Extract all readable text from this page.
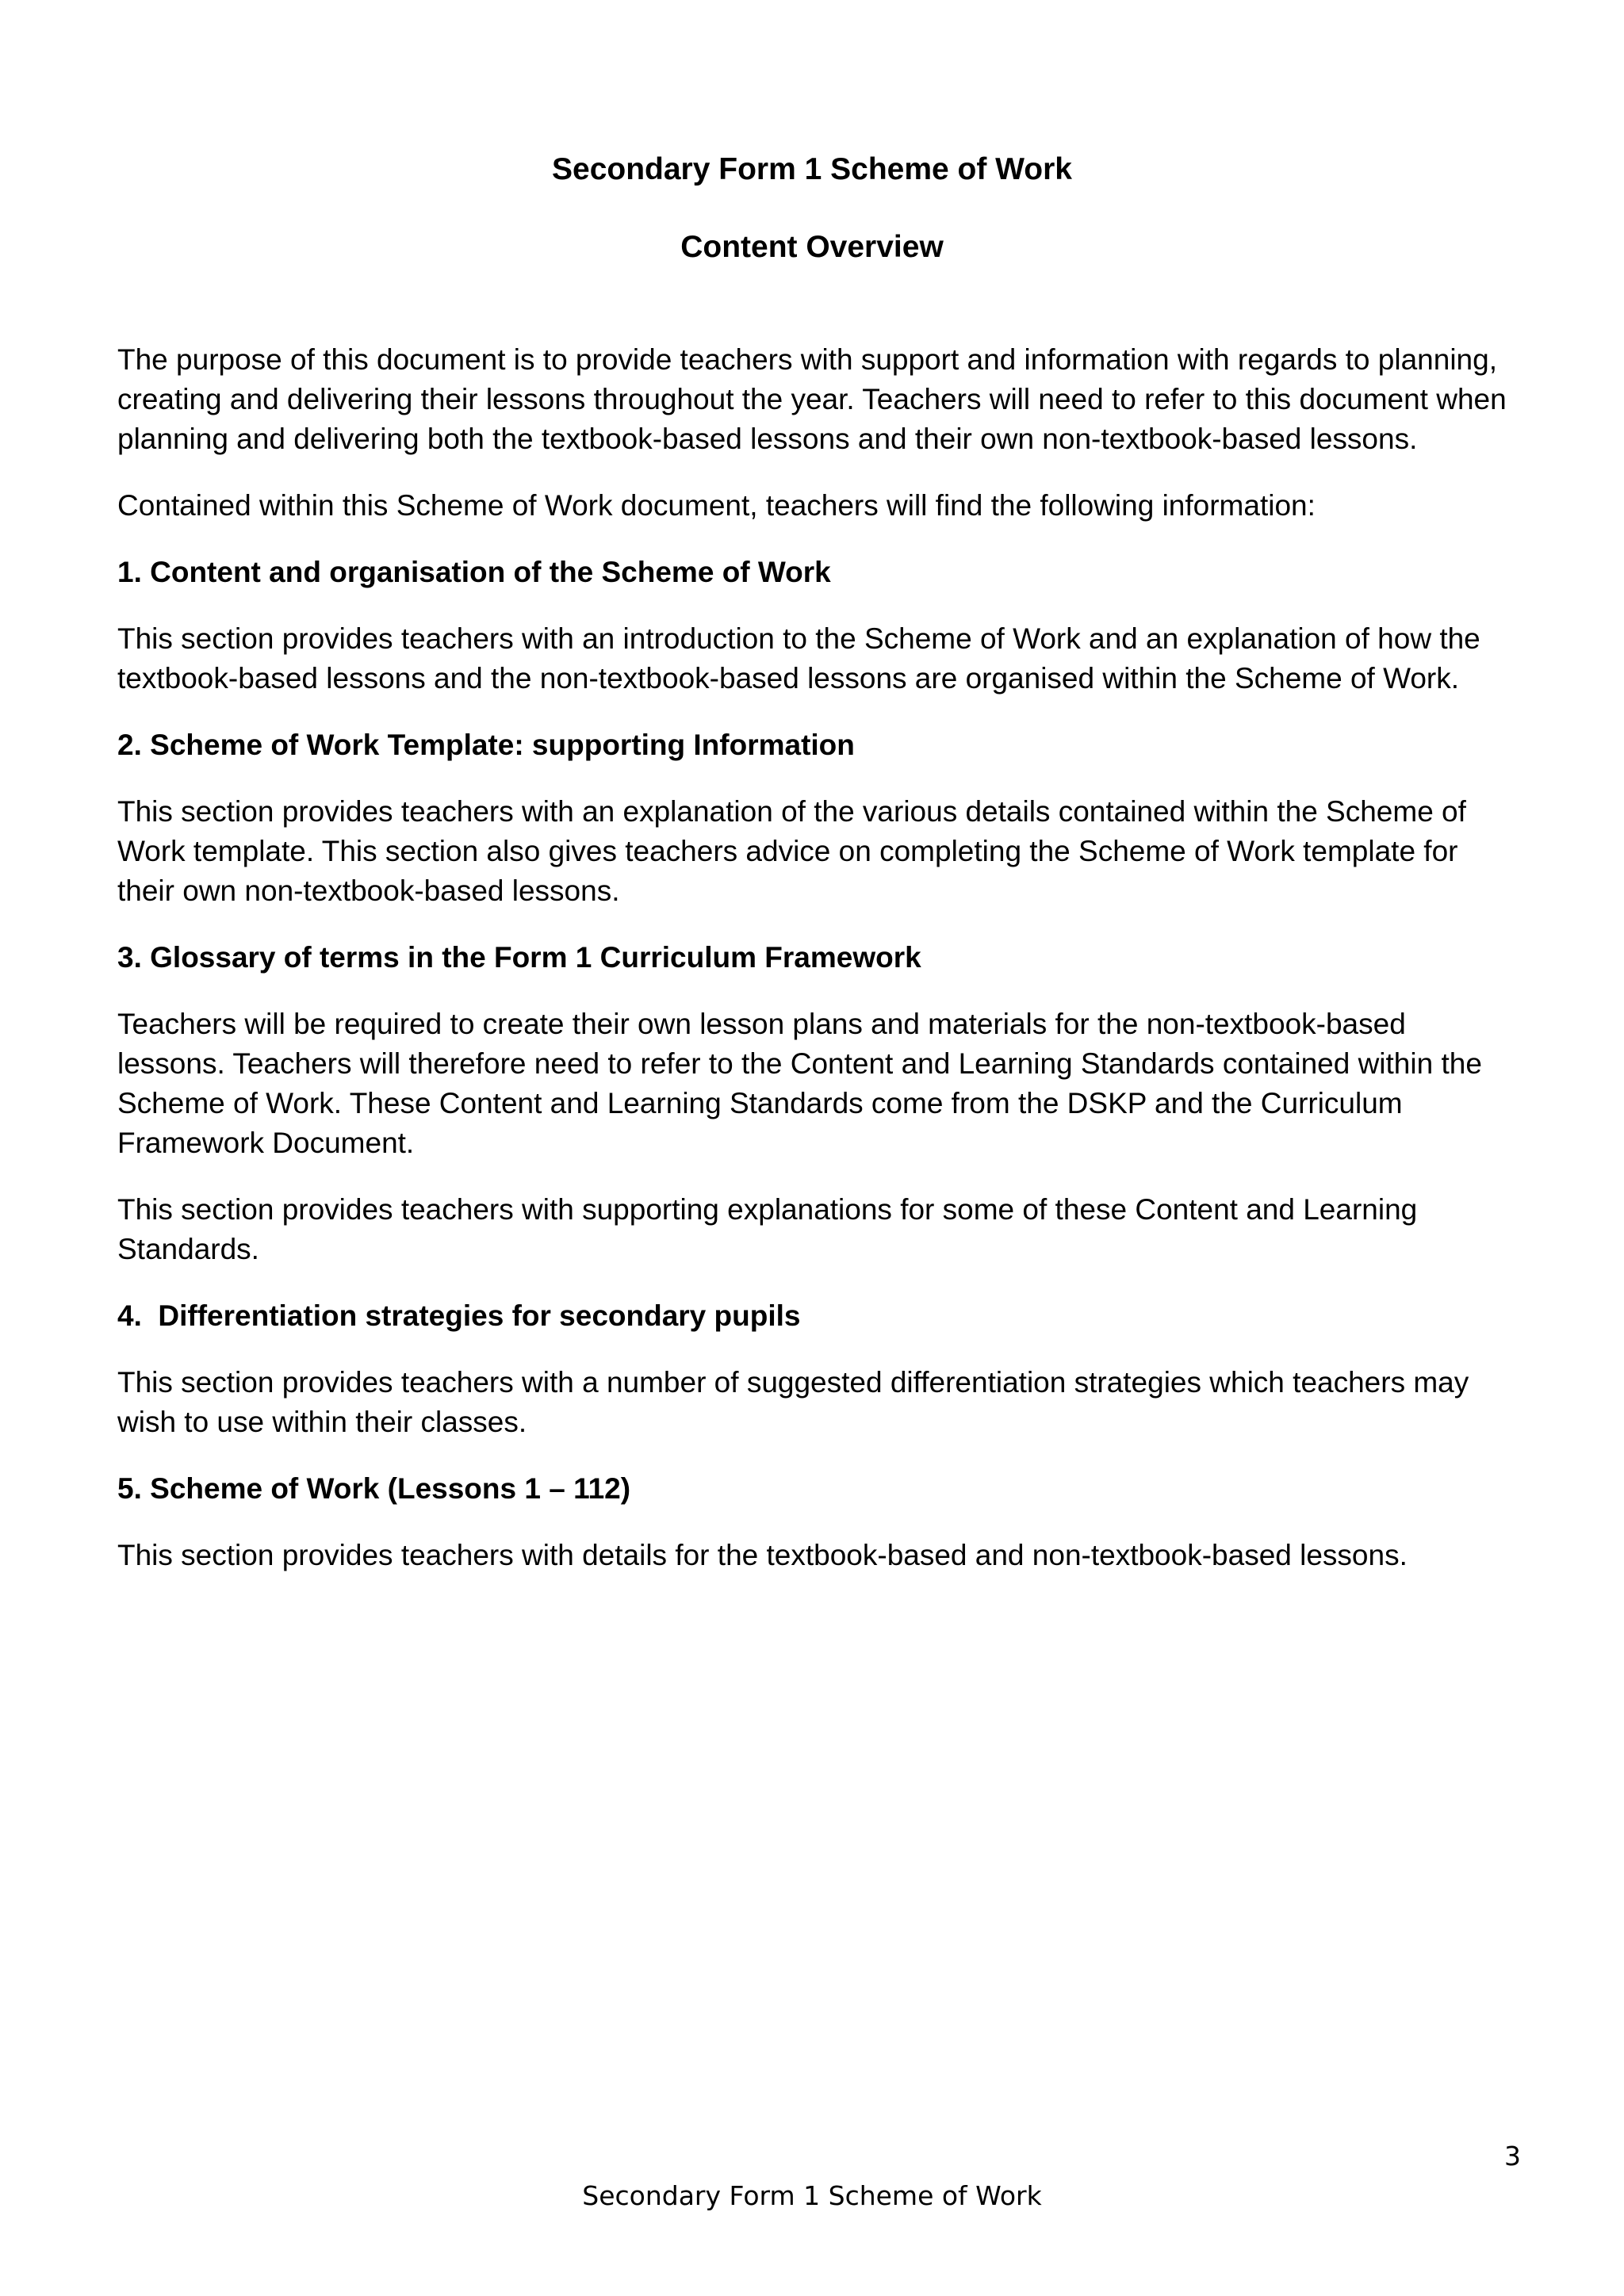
Secondary Form 1 Scheme of Work
Content Overview

The purpose of this document is to provide teachers with support and information with regards to planning, creating and delivering their lessons throughout the year. Teachers will need to refer to this document when planning and delivering both the textbook-based lessons and their own non-textbook-based lessons.

Contained within this Scheme of Work document, teachers will find the following information:

1. Content and organisation of the Scheme of Work

This section provides teachers with an introduction to the Scheme of Work and an explanation of how the textbook-based lessons and the non-textbook-based lessons are organised within the Scheme of Work.

2. Scheme of Work Template: supporting Information

This section provides teachers with an explanation of the various details contained within the Scheme of Work template. This section also gives teachers advice on completing the Scheme of Work template for their own non-textbook-based lessons.

3. Glossary of terms in the Form 1 Curriculum Framework

Teachers will be required to create their own lesson plans and materials for the non-textbook-based lessons. Teachers will therefore need to refer to the Content and Learning Standards contained within the Scheme of Work. These Content and Learning Standards come from the DSKP and the Curriculum Framework Document.

This section provides teachers with supporting explanations for some of these Content and Learning Standards.

4.  Differentiation strategies for secondary pupils

This section provides teachers with a number of suggested differentiation strategies which teachers may wish to use within their classes.

5. Scheme of Work (Lessons 1 – 112)

This section provides teachers with details for the textbook-based and non-textbook-based lessons.

3
Secondary Form 1 Scheme of Work
